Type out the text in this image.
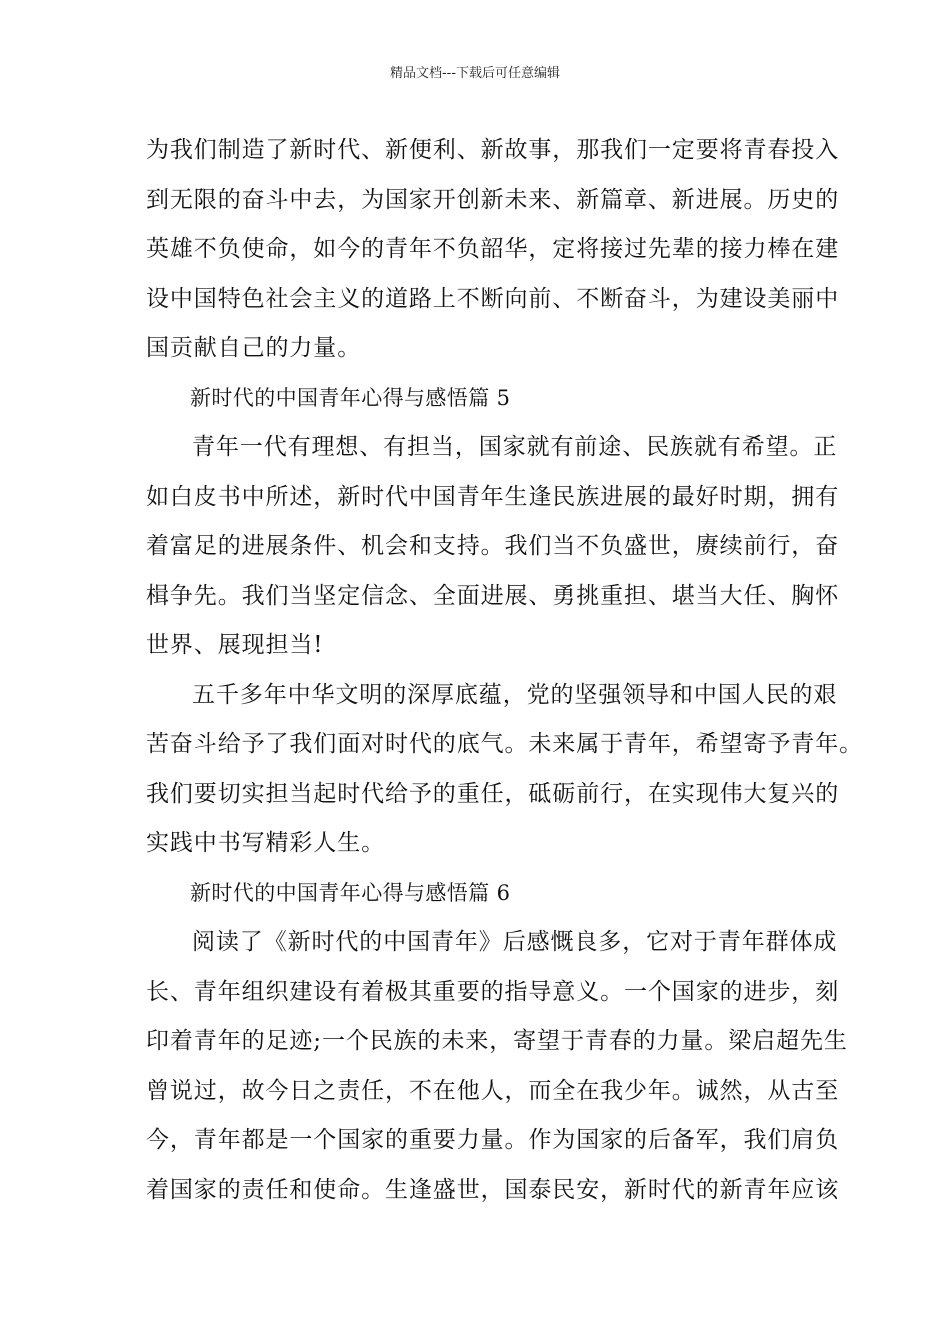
精品文档---下载后可任意编辑
为我们制造了新时代、新便利、新故事，那我们一定要将青春投入
到无限的奋斗中去，为国家开创新未来、新篇章、新进展。历史的
英雄不负使命，如今的青年不负韶华，定将接过先辈的接力棒在建
设中国特色社会主义的道路上不断向前、不断奋斗，为建设美丽中
国贡献自己的力量。
新时代的中国青年心得与感悟篇 5
青年一代有理想、有担当，国家就有前途、民族就有希望。正
如白皮书中所述，新时代中国青年生逢民族进展的最好时期，拥有
着富足的进展条件、机会和支持。我们当不负盛世，赓续前行，奋
楫争先。我们当坚定信念、全面进展、勇挑重担、堪当大任、胸怀
世界、展现担当!
五千多年中华文明的深厚底蕴，党的坚强领导和中国人民的艰
苦奋斗给予了我们面对时代的底气。未来属于青年，希望寄予青年。
我们要切实担当起时代给予的重任，砥砺前行，在实现伟大复兴的
实践中书写精彩人生。
新时代的中国青年心得与感悟篇 6
阅读了《新时代的中国青年》后感慨良多，它对于青年群体成
长、青年组织建设有着极其重要的指导意义。一个国家的进步，刻
印着青年的足迹;一个民族的未来，寄望于青春的力量。梁启超先生
曾说过，故今日之责任，不在他人，而全在我少年。诚然，从古至
今，青年都是一个国家的重要力量。作为国家的后备军，我们肩负
着国家的责任和使命。生逢盛世，国泰民安，新时代的新青年应该
